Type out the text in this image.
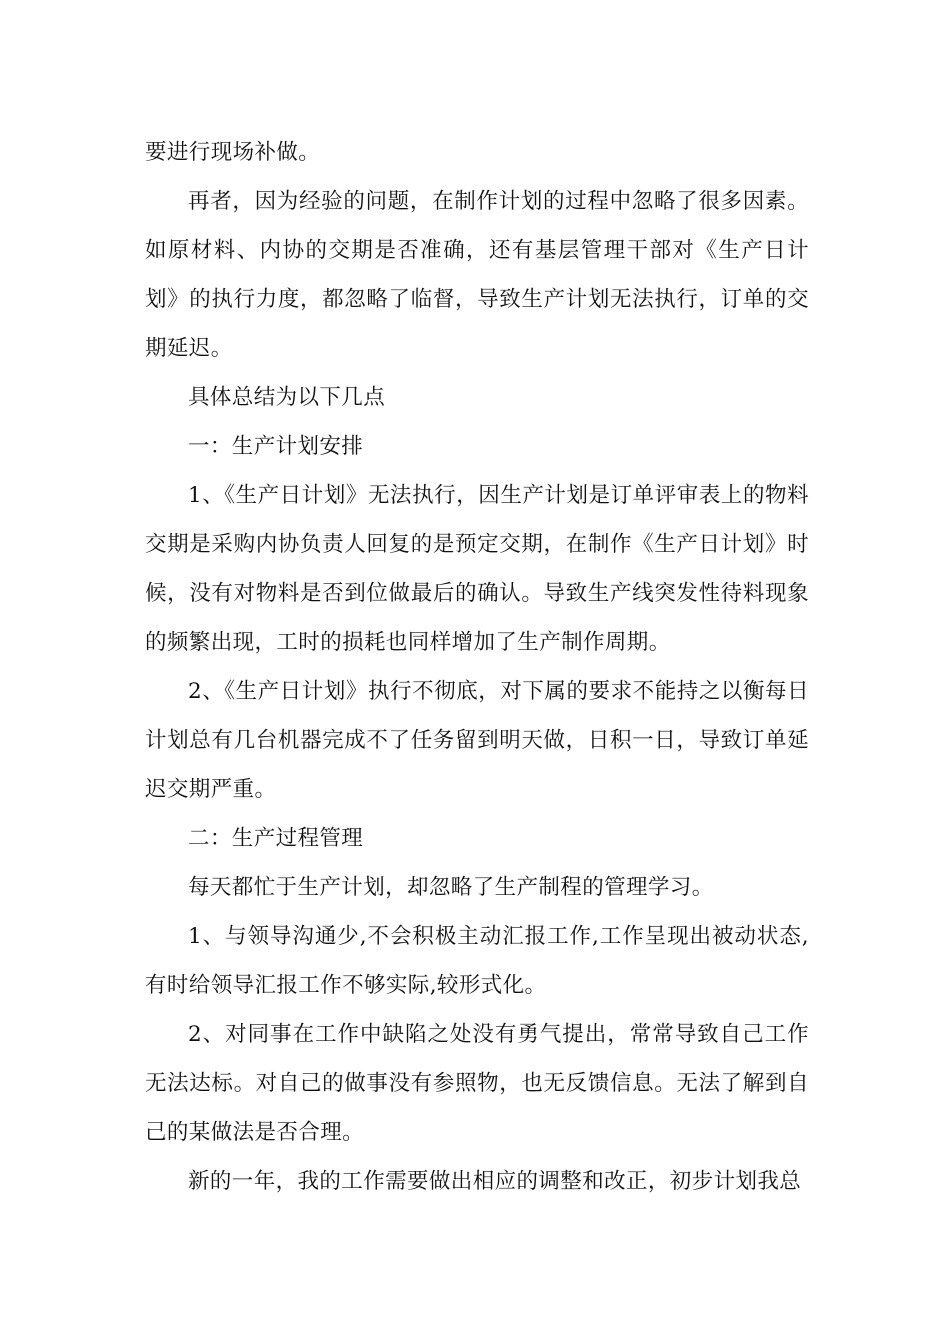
要进行现场补做。

再者，因为经验的问题，在制作计划的过程中忽略了很多因素。如原材料、内协的交期是否准确，还有基层管理干部对《生产日计划》的执行力度，都忽略了临督，导致生产计划无法执行，订单的交期延迟。

具体总结为以下几点

一：生产计划安排

1、《生产日计划》无法执行，因生产计划是订单评审表上的物料交期是采购内协负责人回复的是预定交期，在制作《生产日计划》时候，没有对物料是否到位做最后的确认。导致生产线突发性待料现象的频繁出现，工时的损耗也同样增加了生产制作周期。

2、《生产日计划》执行不彻底，对下属的要求不能持之以衡每日计划总有几台机器完成不了任务留到明天做，日积一日，导致订单延迟交期严重。

二：生产过程管理

每天都忙于生产计划，却忽略了生产制程的管理学习。

1、与领导沟通少,不会积极主动汇报工作,工作呈现出被动状态,有时给领导汇报工作不够实际,较形式化。

2、对同事在工作中缺陷之处没有勇气提出，常常导致自己工作无法达标。对自己的做事没有参照物，也无反馈信息。无法了解到自己的某做法是否合理。

新的一年，我的工作需要做出相应的调整和改正，初步计划我总
